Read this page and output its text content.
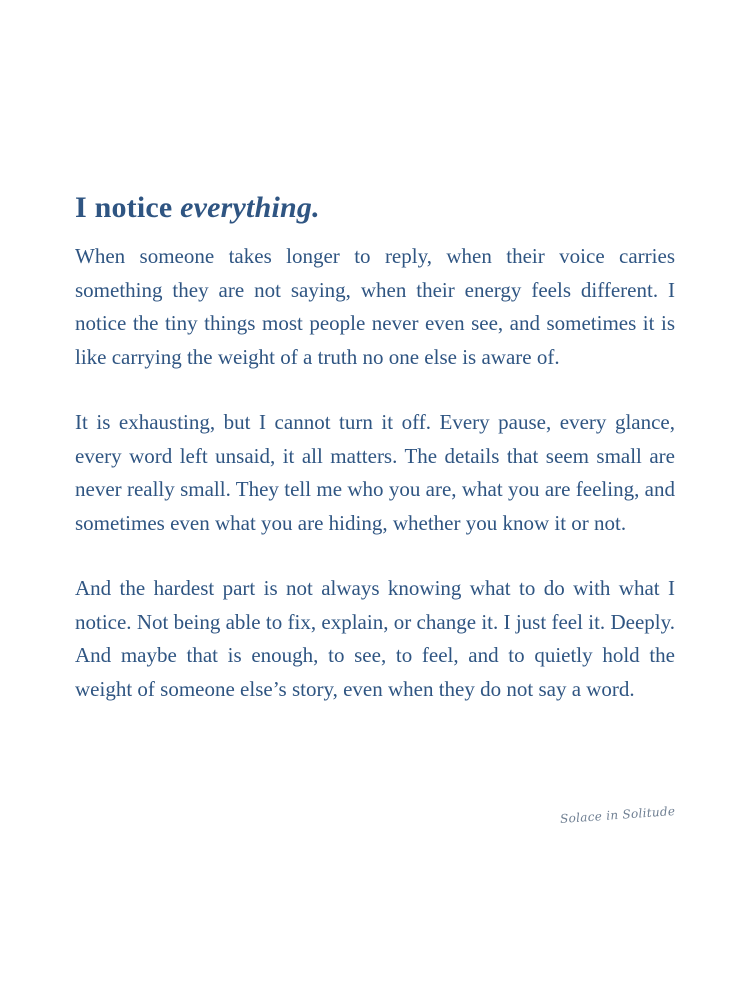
I notice everything.

When someone takes longer to reply, when their voice carries something they are not saying, when their energy feels different. I notice the tiny things most people never even see, and sometimes it is like carrying the weight of a truth no one else is aware of.

It is exhausting, but I cannot turn it off. Every pause, every glance, every word left unsaid, it all matters. The details that seem small are never really small. They tell me who you are, what you are feeling, and sometimes even what you are hiding, whether you know it or not.

And the hardest part is not always knowing what to do with what I notice. Not being able to fix, explain, or change it. I just feel it. Deeply. And maybe that is enough, to see, to feel, and to quietly hold the weight of someone else’s story, even when they do not say a word.

Solace in Solitude
